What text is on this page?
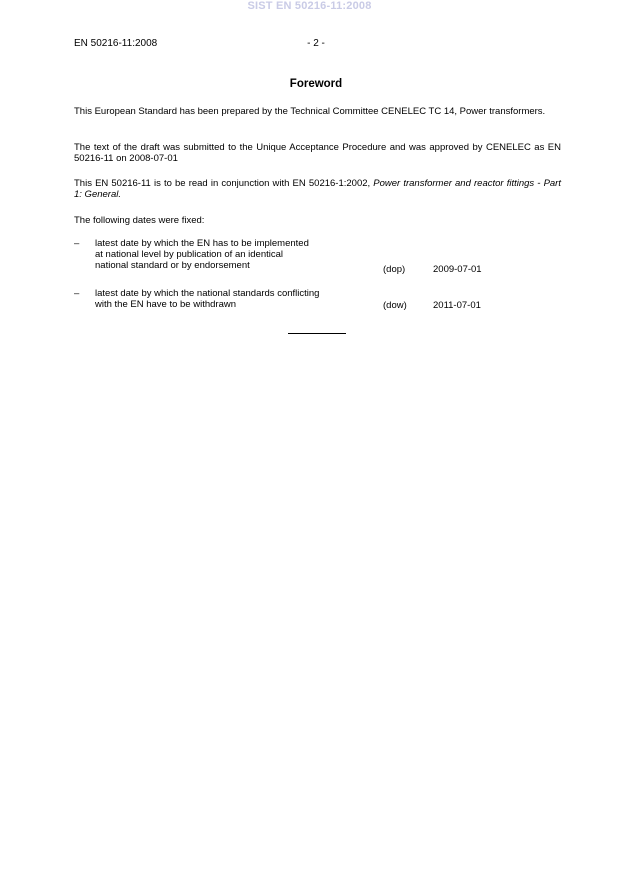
SIST EN 50216-11:2008
EN 50216-11:2008	- 2 -
Foreword
This European Standard has been prepared by the Technical Committee CENELEC TC 14, Power transformers.
The text of the draft was submitted to the Unique Acceptance Procedure and was approved by CENELEC as EN 50216-11 on 2008-07-01
This EN 50216-11 is to be read in conjunction with EN 50216-1:2002, Power transformer and reactor fittings - Part 1: General.
The following dates were fixed:
– latest date by which the EN has to be implemented
at national level by publication of an identical
national standard or by endorsement	(dop)	2009-07-01
– latest date by which the national standards conflicting
with the EN have to be withdrawn	(dow)	2011-07-01
